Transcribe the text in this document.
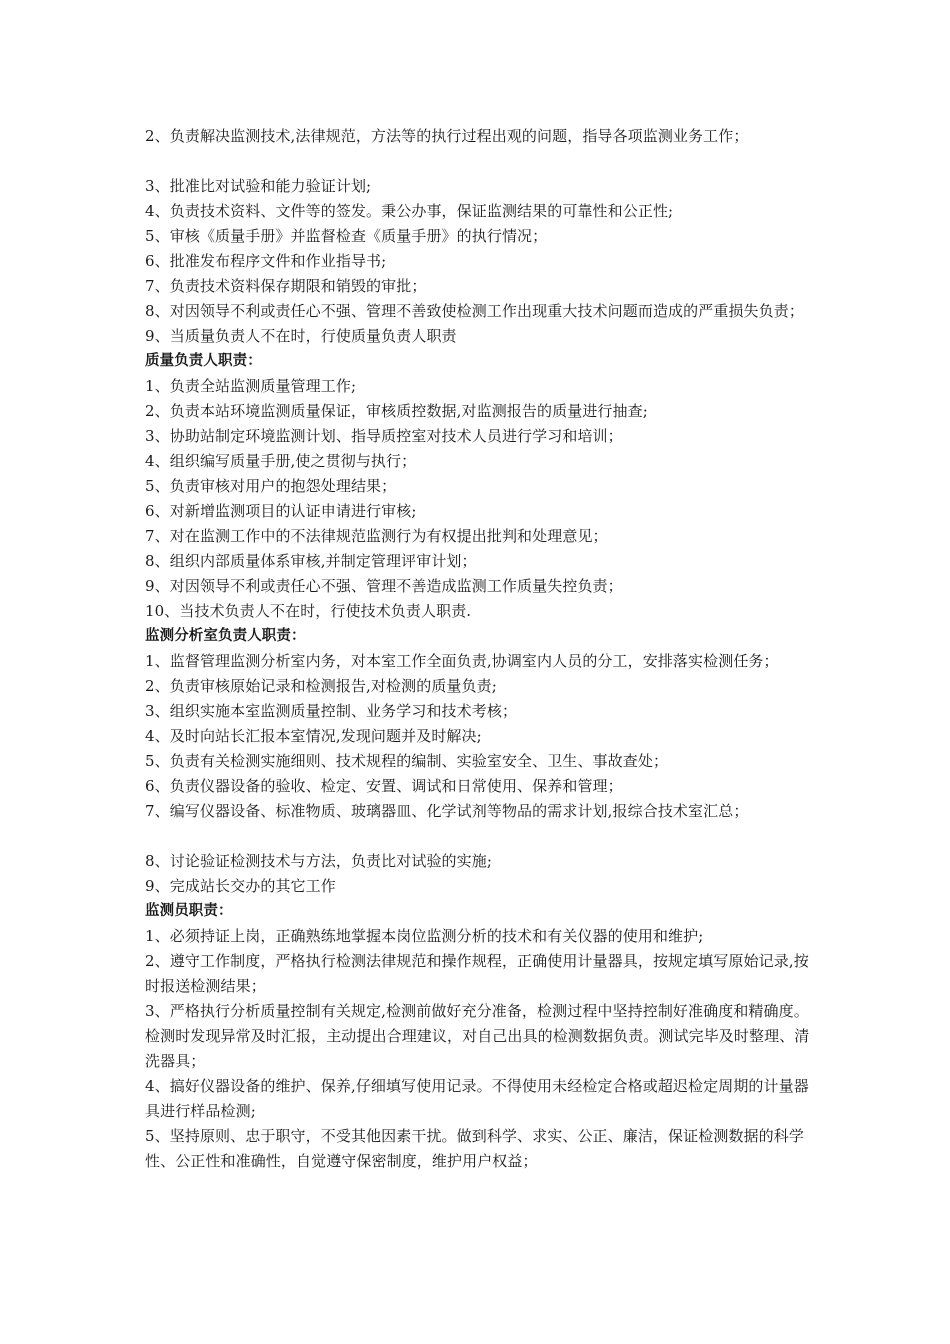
2、负责解决监测技术,法律规范，方法等的执行过程出观的问题，指导各项监测业务工作；
3、批准比对试验和能力验证计划;
4、负责技术资料、文件等的签发。秉公办事，保证监测结果的可靠性和公正性;
5、审核《质量手册》并监督检查《质量手册》的执行情况；
6、批准发布程序文件和作业指导书;
7、负责技术资料保存期限和销毁的审批；
8、对因领导不利或责任心不强、管理不善致使检测工作出现重大技术问题而造成的严重损失负责；
9、当质量负责人不在时，行使质量负责人职责
质量负责人职责：
1、负责全站监测质量管理工作;
2、负责本站环境监测质量保证，审核质控数据,对监测报告的质量进行抽查;
3、协助站制定环境监测计划、指导质控室对技术人员进行学习和培训；
4、组织编写质量手册,使之贯彻与执行；
5、负责审核对用户的抱怨处理结果；
6、对新增监测项目的认证申请进行审核;
7、对在监测工作中的不法律规范监测行为有权提出批判和处理意见；
8、组织内部质量体系审核,并制定管理评审计划；
9、对因领导不利或责任心不强、管理不善造成监测工作质量失控负责；
10、当技术负责人不在时，行使技术负责人职责.
监测分析室负责人职责：
1、监督管理监测分析室内务，对本室工作全面负责,协调室内人员的分工，安排落实检测任务；
2、负责审核原始记录和检测报告,对检测的质量负责;
3、组织实施本室监测质量控制、业务学习和技术考核；
4、及时向站长汇报本室情况,发现问题并及时解决;
5、负责有关检测实施细则、技术规程的编制、实验室安全、卫生、事故查处；
6、负责仪器设备的验收、检定、安置、调试和日常使用、保养和管理；
7、编写仪器设备、标准物质、玻璃器皿、化学试剂等物品的需求计划,报综合技术室汇总；
8、讨论验证检测技术与方法，负责比对试验的实施;
9、完成站长交办的其它工作
监测员职责：
1、必须持证上岗，正确熟练地掌握本岗位监测分析的技术和有关仪器的使用和维护;
2、遵守工作制度，严格执行检测法律规范和操作规程，正确使用计量器具，按规定填写原始记录,按时报送检测结果；
3、严格执行分析质量控制有关规定,检测前做好充分准备，检测过程中坚持控制好准确度和精确度。检测时发现异常及时汇报，主动提出合理建议，对自己出具的检测数据负责。测试完毕及时整理、清洗器具；
4、搞好仪器设备的维护、保养,仔细填写使用记录。不得使用未经检定合格或超迟检定周期的计量器具进行样品检测;
5、坚持原则、忠于职守，不受其他因素干扰。做到科学、求实、公正、廉洁，保证检测数据的科学性、公正性和准确性，自觉遵守保密制度，维护用户权益；
